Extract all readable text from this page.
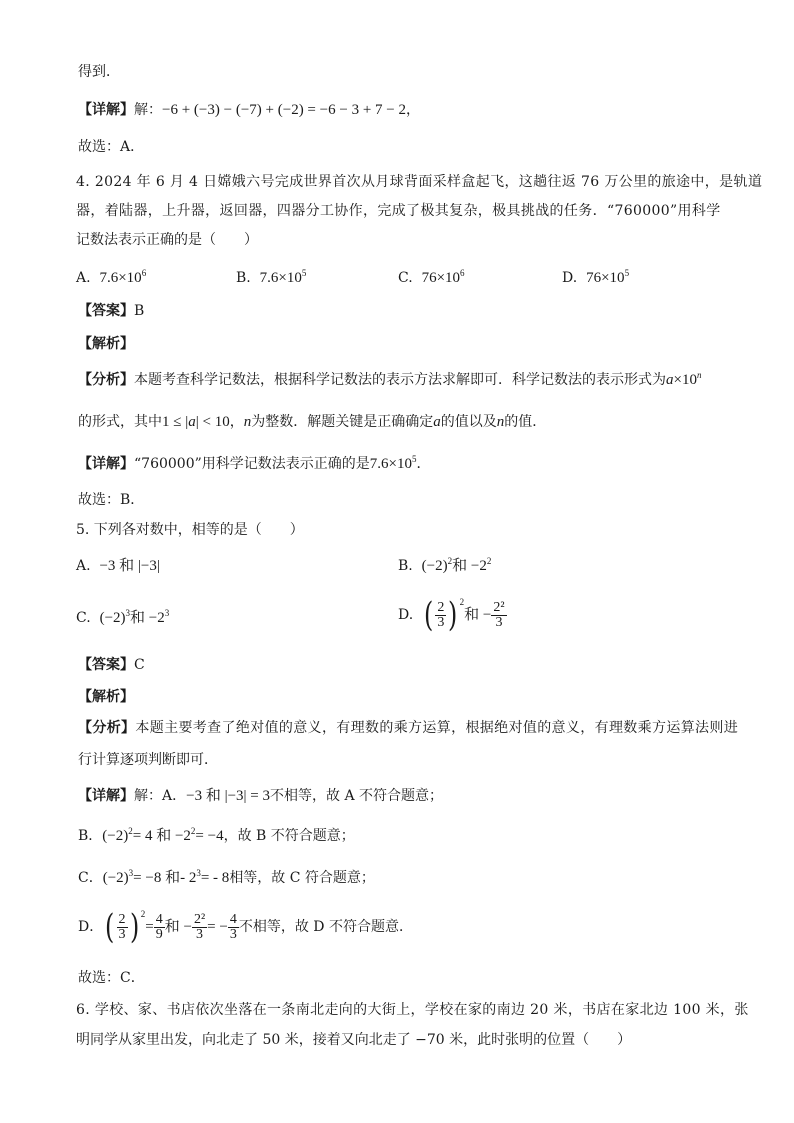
得到．
【详解】解：−6 + (−3) − (−7) + (−2) = −6 − 3 + 7 − 2，
故选：A．
4. 2024 年 6 月 4 日嫦娥六号完成世界首次从月球背面采样盒起飞，这趟往返 76 万公里的旅途中，是轨道
器，着陆器，上升器，返回器，四器分工协作，完成了极其复杂，极具挑战的任务．“760000”用科学
记数法表示正确的是（　　）
A. $7.6\times 10^6$	B. $7.6\times 10^5$	C. $76\times 10^6$	D. $76\times 10^5$
【答案】B
【解析】
【分析】本题考查科学记数法，根据科学记数法的表示方法求解即可．科学记数法的表示形式为$a\times 10^n$
的形式，其中1 ≤ |a| < 10，n为整数．解题关键是正确确定a的值以及n的值．
【详解】“760000”用科学记数法表示正确的是$7.6\times 10^5$．
故选：B．
5. 下列各对数中，相等的是（　　）
A. −3 和 |−3|	B. $(-2)^2$和 $-2^2$
C. $(-2)^3$和 $-2^3$	D. ( $\frac{2}{3}$ ) $^2$和 − $\frac{\text{2²}}{3}$
【答案】C
【解析】
【分析】本题主要考查了绝对值的意义，有理数的乘方运算，根据绝对值的意义，有理数乘方运算法则进
行计算逐项判断即可．
【详解】解：A．−3 和 |−3| = 3不相等，故 A 不符合题意；
B．$(-2)^2= 4$ 和 $-2^2= -4$，故 B 不符合题意；
C．$(-2)^3= -8$ 和- $2^3= - 8$相等，故 C 符合题意；
D．( $\frac{2}{3}$ ) $^2= \frac{4}{9}$ 和 − $\frac{\text{2²}}{3}$ = − $\frac{4}{3}$ 不相等，故 D 不符合题意．
故选：C．
6. 学校、家、书店依次坐落在一条南北走向的大街上，学校在家的南边 20 米，书店在家北边 100 米，张
明同学从家里出发，向北走了 50 米，接着又向北走了 −70 米，此时张明的位置（　　）
